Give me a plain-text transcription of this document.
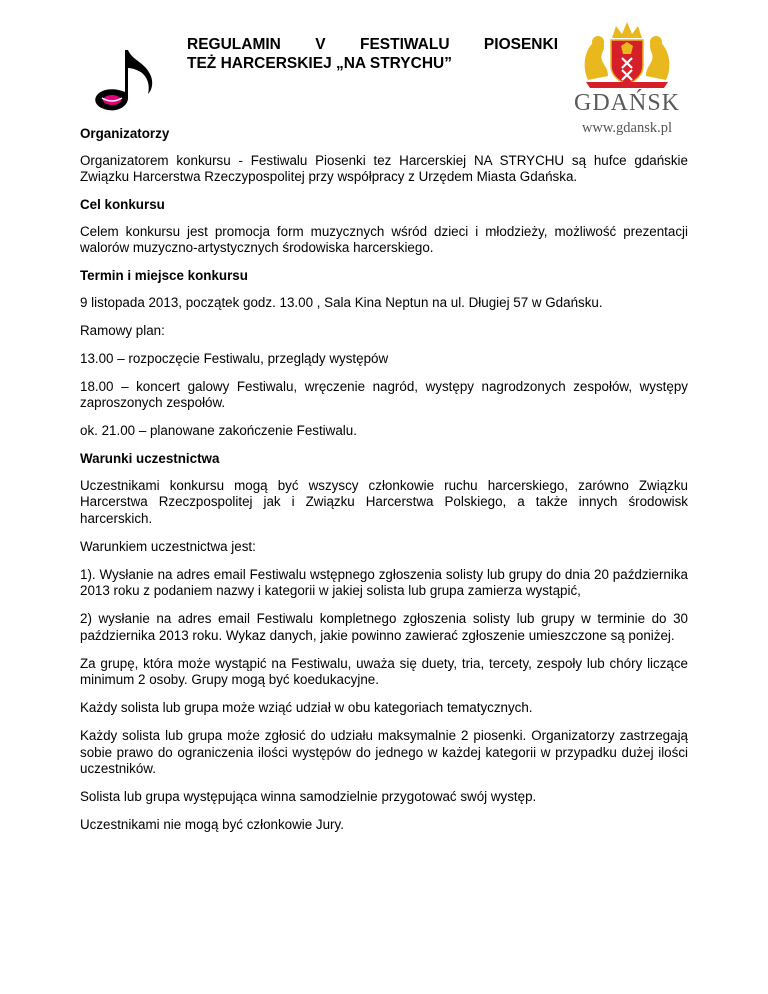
REGULAMIN V FESTIWALU PIOSENKI
TEŻ HARCERSKIEJ „NA STRYCHU”
GDAŃSK
www.gdansk.pl
Organizatorzy

Organizatorem konkursu - Festiwalu Piosenki tez Harcerskiej NA STRYCHU są hufce gdańskie Związku Harcerstwa Rzeczypospolitej przy współpracy z Urzędem Miasta Gdańska.

Cel konkursu

Celem konkursu jest promocja form muzycznych wśród dzieci i młodzieży, możliwość prezentacji walorów muzyczno-artystycznych środowiska harcerskiego.

Termin i miejsce konkursu

9 listopada 2013, początek godz. 13.00 , Sala Kina Neptun na ul. Długiej 57 w Gdańsku.

Ramowy plan:

13.00 – rozpoczęcie Festiwalu, przeglądy występów

18.00 – koncert galowy Festiwalu, wręczenie nagród, występy nagrodzonych zespołów, występy zaproszonych zespołów.

ok. 21.00 – planowane zakończenie Festiwalu.

Warunki uczestnictwa

Uczestnikami konkursu mogą być wszyscy członkowie ruchu harcerskiego, zarówno Związku Harcerstwa Rzeczpospolitej jak i Związku Harcerstwa Polskiego, a także innych środowisk harcerskich.

Warunkiem uczestnictwa jest:

1). Wysłanie na adres email Festiwalu wstępnego zgłoszenia solisty lub grupy do dnia 20 października 2013 roku z podaniem nazwy i kategorii w jakiej solista lub grupa zamierza wystąpić,

2) wysłanie na adres email Festiwalu kompletnego zgłoszenia solisty lub grupy w terminie do 30 października 2013 roku. Wykaz danych, jakie powinno zawierać zgłoszenie umieszczone są poniżej.

Za grupę, która może wystąpić na Festiwalu, uważa się duety, tria, tercety, zespoły lub chóry liczące minimum 2 osoby. Grupy mogą być koedukacyjne.

Każdy solista lub grupa może wziąć udział w obu kategoriach tematycznych.

Każdy solista lub grupa może zgłosić do udziału maksymalnie 2 piosenki. Organizatorzy zastrzegają sobie prawo do ograniczenia ilości występów do jednego w każdej kategorii w przypadku dużej ilości uczestników.

Solista lub grupa występująca winna samodzielnie przygotować swój występ.

Uczestnikami nie mogą być członkowie Jury.
